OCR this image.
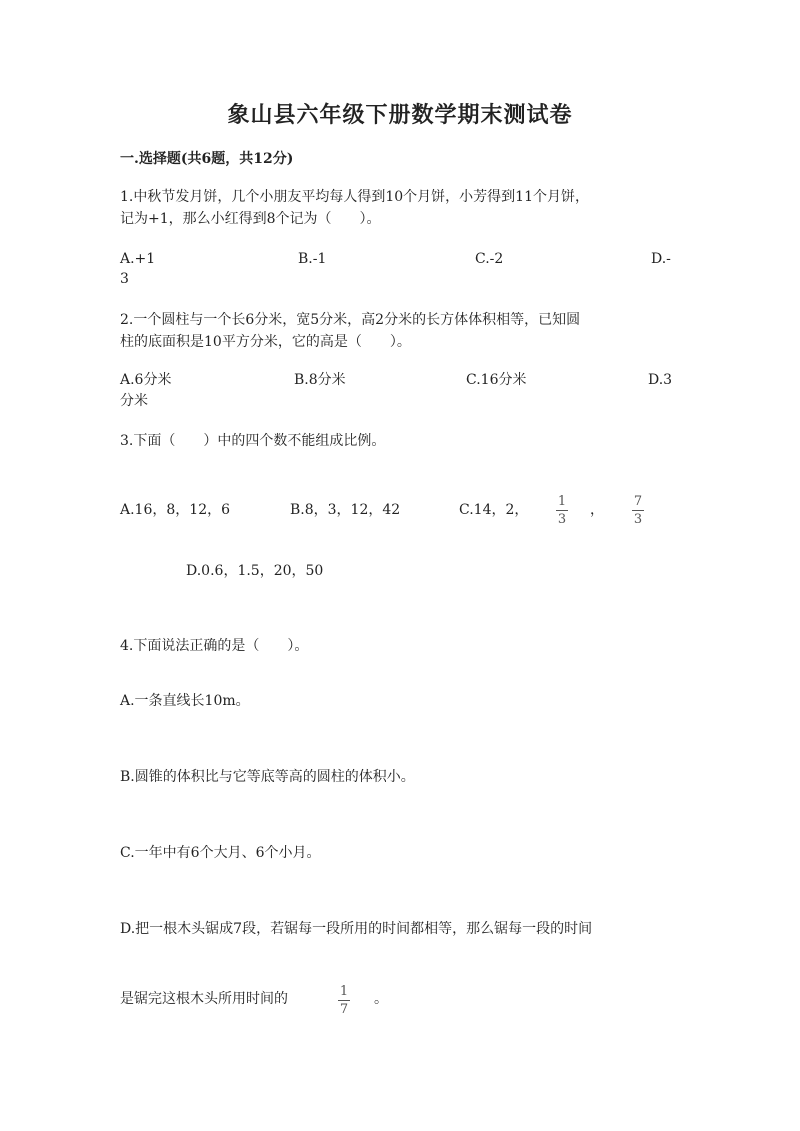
象山县六年级下册数学期末测试卷
一.选择题(共6题，共12分)
1.中秋节发月饼，几个小朋友平均每人得到10个月饼，小芳得到11个月饼，
记为+1，那么小红得到8个记为（　　）。
A.+1	B.-1	C.-2	D.-
3
2.一个圆柱与一个长6分米，宽5分米，高2分米的长方体体积相等，已知圆
柱的底面积是10平方分米，它的高是（　　）。
A.6分米	B.8分米	C.16分米	D.3
分米
3.下面（　　）中的四个数不能组成比例。
A.16，8，12，6	B.8，3，12，42	C.14，2，
1
3
，
7
3
D.0.6，1.5，20，50
4.下面说法正确的是（　　）。
A.一条直线长10m。
B.圆锥的体积比与它等底等高的圆柱的体积小。
C.一年中有6个大月、6个小月。
D.把一根木头锯成7段，若锯每一段所用的时间都相等，那么锯每一段的时间
是锯完这根木头所用时间的	1
7
。
